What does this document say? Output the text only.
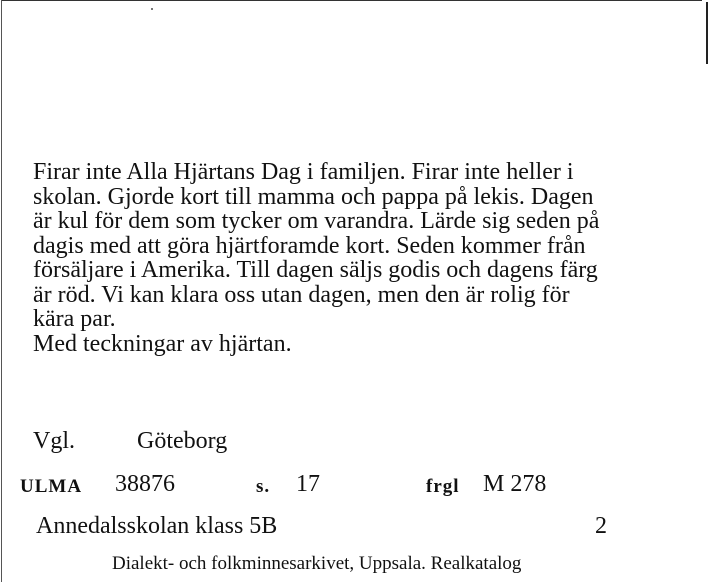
Firar inte Alla Hjärtans Dag i familjen. Firar inte heller i
skolan. Gjorde kort till mamma och pappa på lekis. Dagen
är kul för dem som tycker om varandra. Lärde sig seden på
dagis med att göra hjärtforamde kort. Seden kommer från
försäljare i Amerika. Till dagen säljs godis och dagens färg
är röd. Vi kan klara oss utan dagen, men den är rolig för
kära par.
Med teckningar av hjärtan.
Vgl.	Göteborg
ULMA 38876	s. 17	frgl M 278
Annedalsskolan klass 5B	2
Dialekt- och folkminnesarkivet, Uppsala. Realkatalog
